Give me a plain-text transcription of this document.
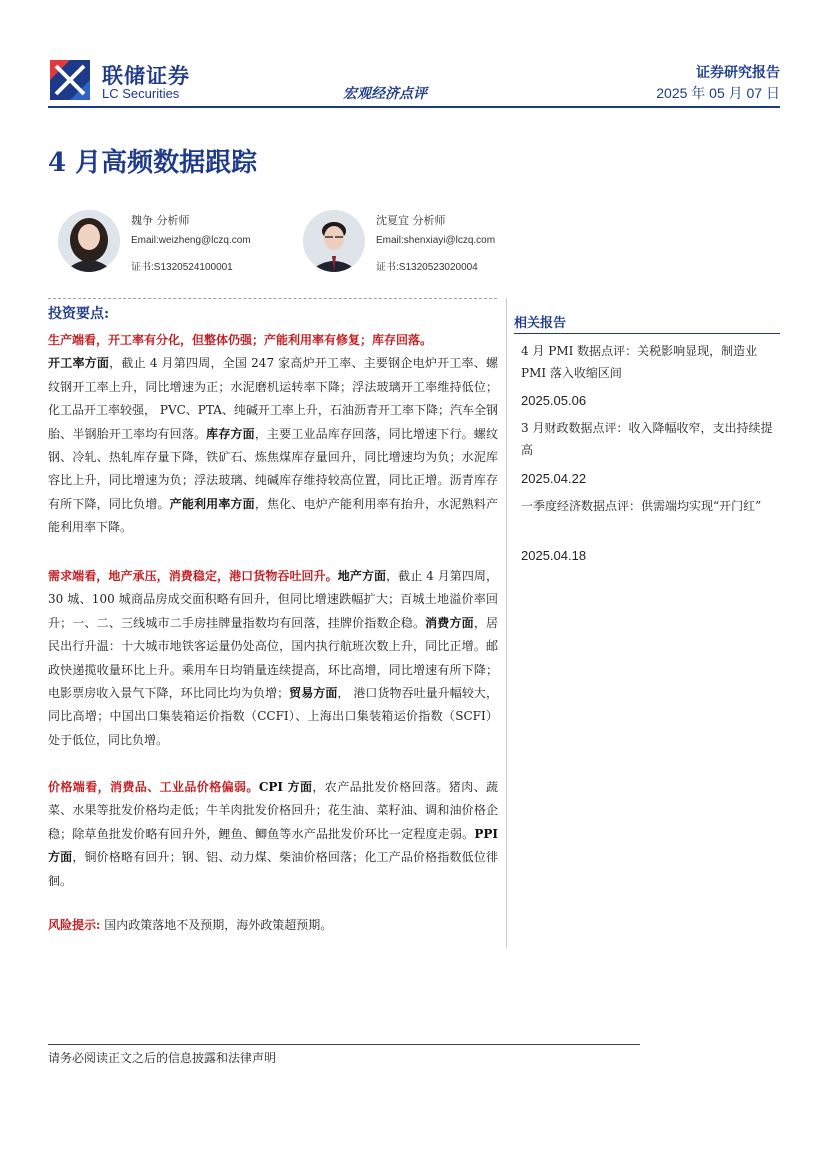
联储证券
LC Securities	宏观经济点评
证券研究报告
2025 年 05 月 07 日
4 月高频数据跟踪
魏争 分析师
Email:weizheng@lczq.com
证书:S1320524100001
沈夏宜 分析师
Email:shenxiayi@lczq.com
证书:S1320523020004
投资要点:
生产端看，开工率有分化，但整体仍强；产能利用率有修复；库存回落。
开工率方面，截止 4 月第四周，全国 247 家高炉开工率、主要钢企电炉开工率、螺纹钢开工率上升，同比增速为正；水泥磨机运转率下降；浮法玻璃开工率维持低位；化工品开工率较强， PVC、PTA、纯碱开工率上升，石油沥青开工率下降；汽车全钢胎、半钢胎开工率均有回落。库存方面，主要工业品库存回落，同比增速下行。螺纹钢、冷轧、热轧库存量下降，铁矿石、炼焦煤库存量回升，同比增速均为负；水泥库容比上升，同比增速为负；浮法玻璃、纯碱库存维持较高位置，同比正增。沥青库存有所下降，同比负增。产能利用率方面，焦化、电炉产能利用率有抬升，水泥熟料产能利用率下降。
需求端看，地产承压，消费稳定，港口货物吞吐回升。地产方面，截止 4 月第四周，30 城、100 城商品房成交面积略有回升，但同比增速跌幅扩大；百城土地溢价率回升；一、二、三线城市二手房挂牌量指数均有回落，挂牌价指数企稳。消费方面，居民出行升温：十大城市地铁客运量仍处高位，国内执行航班次数上升，同比正增。邮政快递揽收量环比上升。乘用车日均销量连续提高，环比高增，同比增速有所下降；电影票房收入景气下降，环比同比均为负增；贸易方面， 港口货物吞吐量升幅较大，同比高增；中国出口集装箱运价指数（CCFI）、上海出口集装箱运价指数（SCFI）处于低位，同比负增。
价格端看，消费品、工业品价格偏弱。CPI 方面，农产品批发价格回落。猪肉、蔬菜、水果等批发价格均走低；牛羊肉批发价格回升；花生油、菜籽油、调和油价格企稳；除草鱼批发价略有回升外，鲤鱼、鲫鱼等水产品批发价环比一定程度走弱。PPI 方面，铜价格略有回升；钢、铝、动力煤、柴油价格回落；化工产品价格指数低位徘徊。
风险提示: 国内政策落地不及预期，海外政策超预期。
相关报告
4 月 PMI 数据点评：关税影响显现，制造业 PMI 落入收缩区间
2025.05.06
3 月财政数据点评：收入降幅收窄，支出持续提高
2025.04.22
一季度经济数据点评：供需端均实现“开门红”
2025.04.18
请务必阅读正文之后的信息披露和法律声明
